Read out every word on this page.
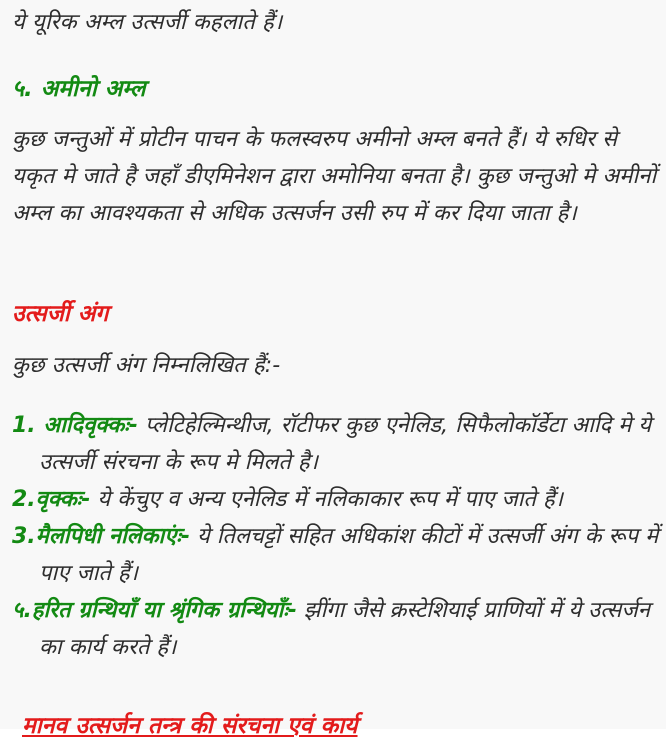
ये यूरिक अम्ल उत्सर्जी कहलाते हैं।
५. अमीनो अम्ल
कुछ जन्तुओं में प्रोटीन पाचन के फलस्वरुप अमीनो अम्ल बनते हैं। ये रुधिर से यकृत मे जाते है जहाँ डीएमिनेशन द्वारा अमोनिया बनता है। कुछ जन्तुओ मे अमीनों अम्ल का आवश्यकता से अधिक उत्सर्जन उसी रुप में कर दिया जाता है।
उत्सर्जी अंग
कुछ उत्सर्जी अंग निम्नलिखित हैं:-
1. आदिवृक्कः- प्लेटिहेल्मिन्थीज, रॉटीफर कुछ एनेलिड, सिफैलोकॉर्डेटा आदि मे ये उत्सर्जी संरचना के रूप मे मिलते है।
2.वृक्कः- ये केंचुए व अन्य एनेलिड में नलिकाकार रूप में पाए जाते हैं।
3.मैलपिधी नलिकाएंः- ये तिलचट्टों सहित अधिकांश कीटों में उत्सर्जी अंग के रूप में पाए जाते हैं।
५.हरित ग्रन्थियाँ या श्रृंगिक ग्रन्थियाँः- झींगा जैसे क्रस्टेशियाई प्राणियों में ये उत्सर्जन का कार्य करते हैं।
मानव उत्सर्जन तन्त्र की संरचना एवं कार्य
